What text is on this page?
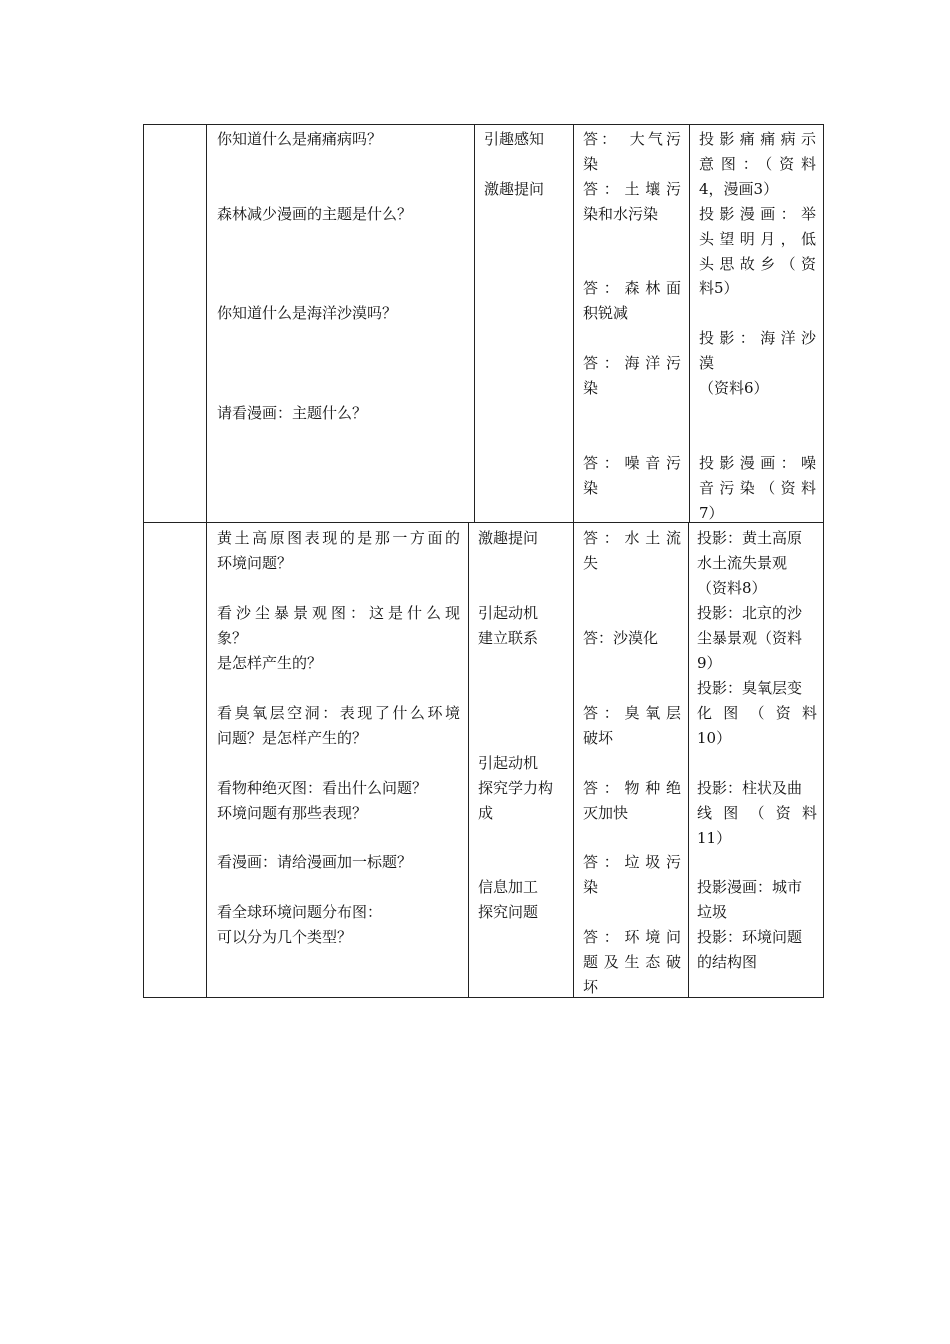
你知道什么是痛痛病吗？

森林减少漫画的主题是什么？

你知道什么是海洋沙漠吗？

请看漫画：主题什么？

引趣感知

激趣提问

答：　大气污

染

答：土壤污

染和水污染

答：森林面

积锐减

答：海洋污

染

答：噪音污

染

投影痛痛病示

意图：（资料

4，漫画3）

投影漫画：举

头望明月，低

头思故乡（资

料5）

投影：海洋沙

漠

（资料6）

投影漫画：噪

音污染（资料

7）

黄土高原图表现的是那一方面的

环境问题？

看沙尘暴景观图：这是什么现

象？

是怎样产生的？

看臭氧层空洞：表现了什么环境

问题？是怎样产生的？

看物种绝灭图：看出什么问题？

环境问题有那些表现？

看漫画：请给漫画加一标题？

看全球环境问题分布图：

可以分为几个类型？

激趣提问

引起动机

建立联系

引起动机

探究学力构

成

信息加工

探究问题

答：水土流

失

答：沙漠化

答：臭氧层

破坏

答：物种绝

灭加快

答：垃圾污

染

答：环境问

题及生态破

坏

投影：黄土高原

水土流失景观

（资料8）

投影：北京的沙

尘暴景观（资料

9）

投影：臭氧层变

化图（资料

10）

投影：柱状及曲

线图（资料

11）

投影漫画：城市

垃圾

投影：环境问题

的结构图
